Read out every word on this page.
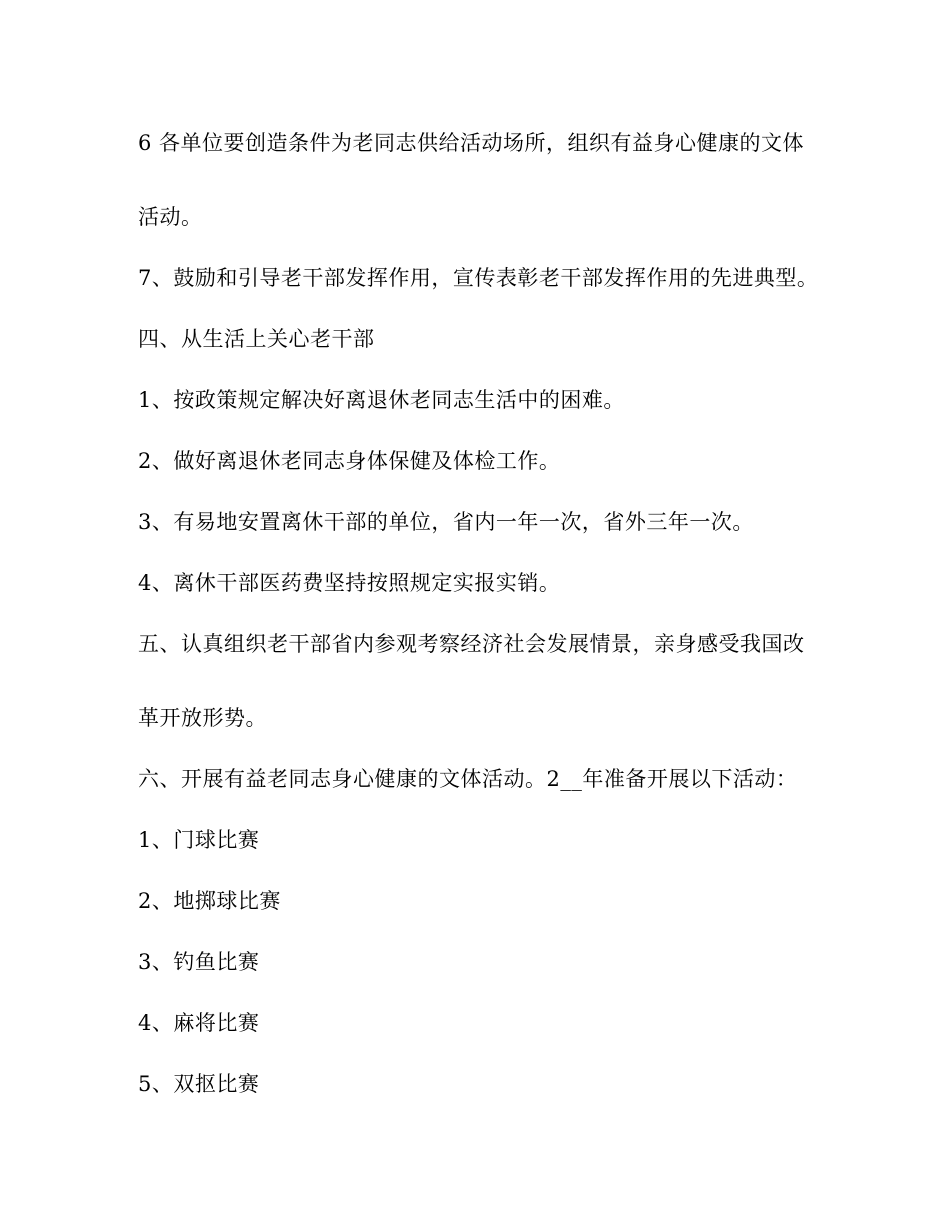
6 各单位要创造条件为老同志供给活动场所，组织有益身心健康的文体
活动。
7、鼓励和引导老干部发挥作用，宣传表彰老干部发挥作用的先进典型。
四、从生活上关心老干部
1、按政策规定解决好离退休老同志生活中的困难。
2、做好离退休老同志身体保健及体检工作。
3、有易地安置离休干部的单位，省内一年一次，省外三年一次。
4、离休干部医药费坚持按照规定实报实销。
五、认真组织老干部省内参观考察经济社会发展情景，亲身感受我国改
革开放形势。
六、开展有益老同志身心健康的文体活动。2__年准备开展以下活动：
1、门球比赛
2、地掷球比赛
3、钓鱼比赛
4、麻将比赛
5、双抠比赛
